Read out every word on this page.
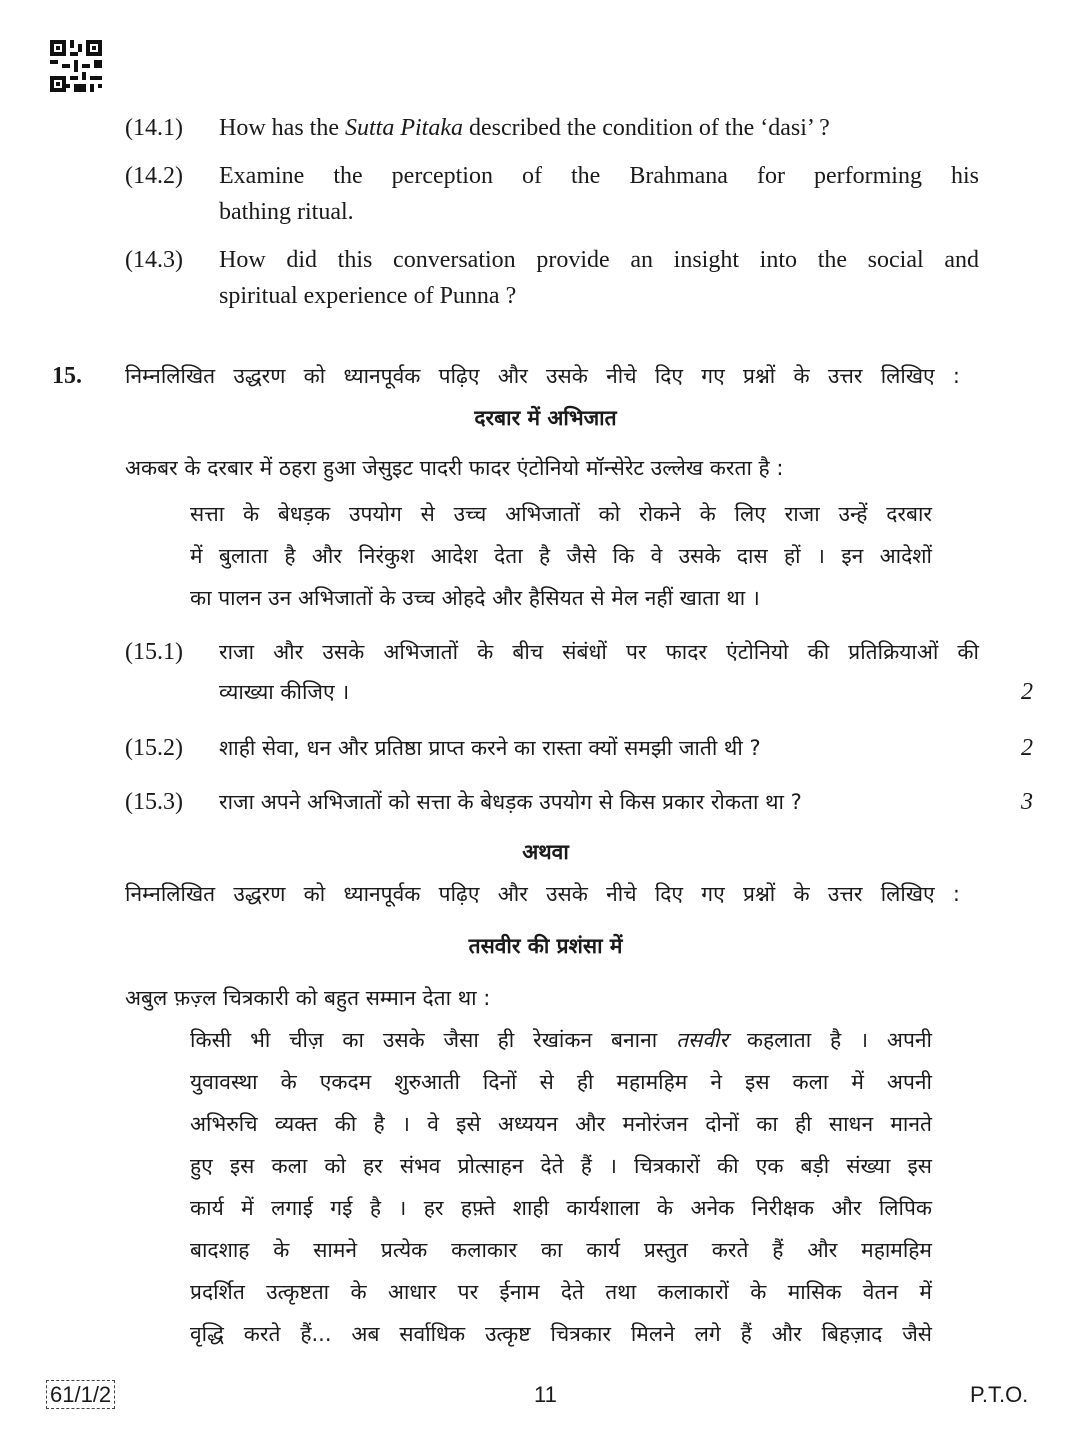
(14.1) How has the Sutta Pitaka described the condition of the ‘dasi’ ?
(14.2) Examine the perception of the Brahmana for performing his
bathing ritual.
(14.3) How did this conversation provide an insight into the social and
spiritual experience of Punna ?
15. निम्नलिखित उद्धरण को ध्यानपूर्वक पढ़िए और उसके नीचे दिए गए प्रश्नों के उत्तर लिखिए :
दरबार में अभिजात
अकबर के दरबार में ठहरा हुआ जेसुइट पादरी फादर एंटोनियो मॉन्सेरेट उल्लेख करता है :
सत्ता के बेधड़क उपयोग से उच्च अभिजातों को रोकने के लिए राजा उन्हें दरबार
में बुलाता है और निरंकुश आदेश देता है जैसे कि वे उसके दास हों । इन आदेशों
का पालन उन अभिजातों के उच्च ओहदे और हैसियत से मेल नहीं खाता था ।
(15.1) राजा और उसके अभिजातों के बीच संबंधों पर फादर एंटोनियो की प्रतिक्रियाओं की
व्याख्या कीजिए ।	2
(15.2) शाही सेवा, धन और प्रतिष्ठा प्राप्त करने का रास्ता क्यों समझी जाती थी ?	2
(15.3) राजा अपने अभिजातों को सत्ता के बेधड़क उपयोग से किस प्रकार रोकता था ?	3
अथवा
निम्नलिखित उद्धरण को ध्यानपूर्वक पढ़िए और उसके नीचे दिए गए प्रश्नों के उत्तर लिखिए :
तसवीर की प्रशंसा में
अबुल फ़ज़्ल चित्रकारी को बहुत सम्मान देता था :
किसी भी चीज़ का उसके जैसा ही रेखांकन बनाना तसवीर कहलाता है । अपनी
युवावस्था के एकदम शुरुआती दिनों से ही महामहिम ने इस कला में अपनी
अभिरुचि व्यक्त की है । वे इसे अध्ययन और मनोरंजन दोनों का ही साधन मानते
हुए इस कला को हर संभव प्रोत्साहन देते हैं । चित्रकारों की एक बड़ी संख्या इस
कार्य में लगाई गई है । हर हफ़्ते शाही कार्यशाला के अनेक निरीक्षक और लिपिक
बादशाह के सामने प्रत्येक कलाकार का कार्य प्रस्तुत करते हैं और महामहिम
प्रदर्शित उत्कृष्टता के आधार पर ईनाम देते तथा कलाकारों के मासिक वेतन में
वृद्धि करते हैं... अब सर्वाधिक उत्कृष्ट चित्रकार मिलने लगे हैं और बिहज़ाद जैसे
61/1/2	11	P.T.O.
